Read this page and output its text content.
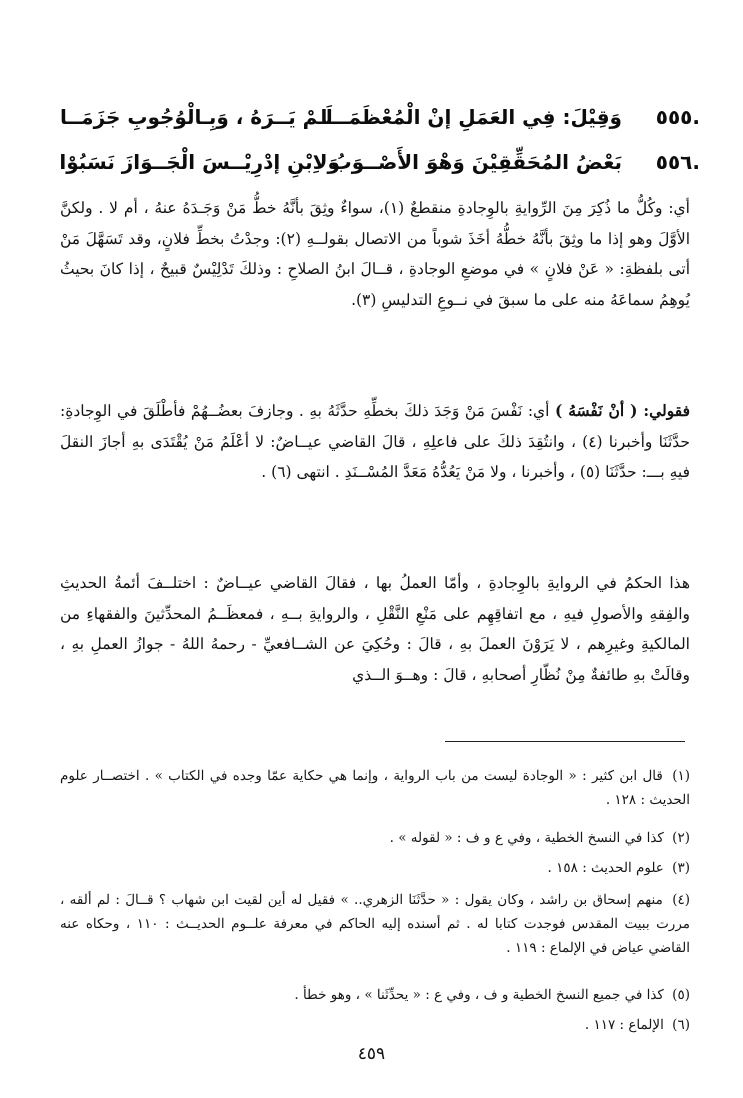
٥٥٥.
وَقِيْلَ: فِي العَمَلِ إنْ الْمُعْظَمَـــا
لَـمْ يَــرَهُ ، وَبِـالْوُجُوبِ جَزَمَــا
٥٥٦.
بَعْضُ المُحَقِّقِيْنَ وَهْوَ الأَصْــوَبُ
وَلاِبْنِ إدْرِيْــسَ الْجَــوَازَ نَسَبُوْا
أي: وكُلُّ ما ذُكِرَ مِنَ الرِّوايةِ بالوِجادةِ منقطعٌ (١)، سواءٌ وثِقَ بأنَّهُ خطُّ مَنْ وَجَـدَهُ عنهُ ، أم لا . ولكنَّ الأوَّلَ وهو إذا ما وثِقَ بأنَّهُ خطُّهُ أخَذَ شوباً من الاتصال بقولــهِ (٢): وجدْتُ بخطِّ فلانٍ، وقد تَسَهَّلَ مَنْ أتى بلفظةِ: « عَنْ فلانٍ » في موضعِ الوجادةِ ، قــالَ ابنُ الصلاحِ : وذلكَ تَدْلِيْسٌ قبيحٌ ، إذا كانَ بحيثُ يُوهِمُ سماعَهُ منه على ما سبقَ في نــوعِ التدليسِ (٣).
فقولي: ( أنْ نَفْسَهُ ) أي: نَفْسَ مَنْ وَجَدَ ذلكَ بخطِّهِ حدَّثَهُ بهِ . وجازفَ بعضُــهُمْ فأطْلَقَ في الوِجادةِ: حدَّثَنَا وأخبرنا (٤) ، وانتُقِدَ ذلكَ على فاعلِهِ ، قالَ القاضي عيــاضٌ: لا أعْلَمُ مَنْ يُقْتَدَى بهِ أجازَ النقلَ فيهِ بـــ: حدَّثَنَا (٥) ، وأخبرنا ، ولا مَنْ يَعُدُّهُ مَعَدَّ المُسْــنَدِ . انتهى (٦) .
هذا الحكمُ في الروايةِ بالوِجادةِ ، وأمّا العملُ بها ، فقالَ القاضي عيــاضٌ : اختلــفَ أئمةُ الحديثِ والفِقهِ والأصولِ فيهِ ، مع اتفاقِهِم على مَنْعِ النَّقْلِ ، والروايةِ بــهِ ، فمعظَــمُ المحدِّثينَ والفقهاءِ من المالكيةِ وغيرِهم ، لا يَرَوْنَ العملَ بهِ ، قالَ : وحُكِيَ عن الشــافعيِّ - رحمهُ اللهُ - جوازُ العملِ بهِ ، وقالَتْ بهِ طائفةٌ مِنْ نُظّارِ أصحابهِ ، قالَ : وهــوَ الــذي
(١) قال ابن كثير : « الوجادة ليست من باب الرواية ، وإنما هي حكاية عمّا وجده في الكتاب » . اختصــار علوم الحديث : ١٢٨ .
(٢) كذا في النسخ الخطية ، وفي ع و ف : « لقوله » .
(٣) علوم الحديث : ١٥٨ .
(٤) منهم إسحاق بن راشد ، وكان يقول : « حدَّثَنَا الزهري.. » فقيل له أين لقيت ابن شهاب ؟ قــالَ : لم ألقه ، مررت ببيت المقدس فوجدت كتابا له . ثم أسنده إليه الحاكم في معرفة علــوم الحديــث : ١١٠ ، وحكاه عنه القاضي عياض في الإلماع : ١١٩ .
(٥) كذا في جميع النسخ الخطية و ف ، وفي ع : « يحدِّثَنا » ، وهو خطأ .
(٦) الإلماع : ١١٧ .
٤٥٩
